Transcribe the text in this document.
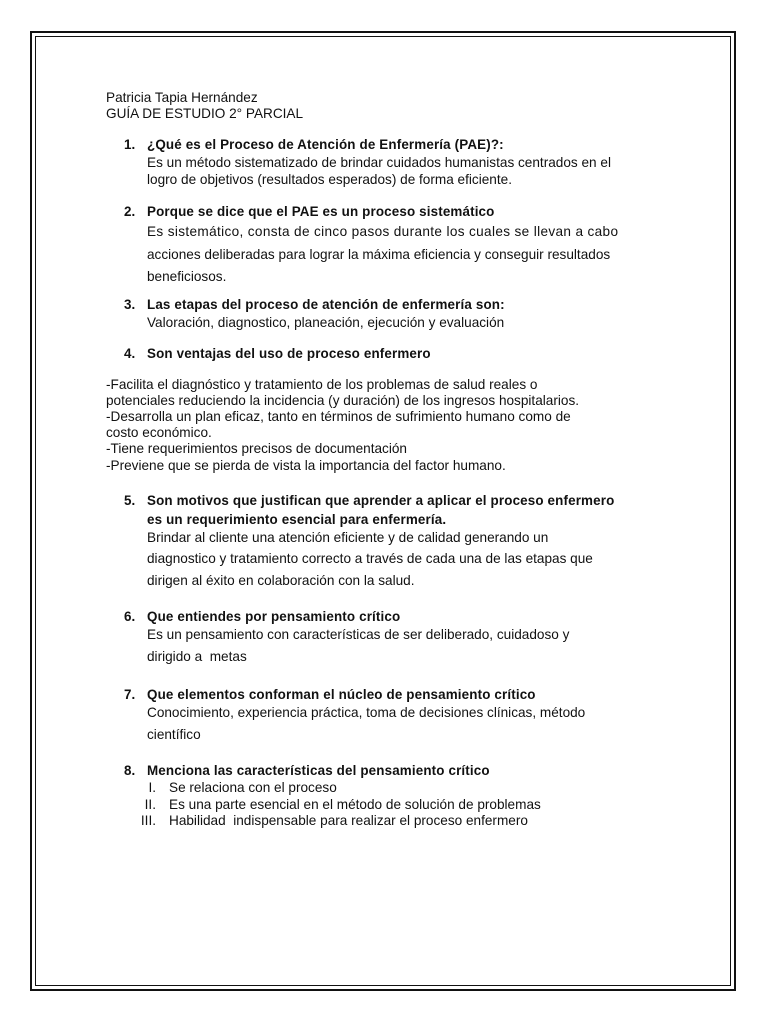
Patricia Tapia Hernández

GUÍA DE ESTUDIO 2° PARCIAL

1. ¿Qué es el Proceso de Atención de Enfermería (PAE)?:

Es un método sistematizado de brindar cuidados humanistas centrados en el

logro de objetivos (resultados esperados) de forma eficiente.

2. Porque se dice que el PAE es un proceso sistemático

Es sistemático, consta de cinco pasos durante los cuales se llevan a cabo

acciones deliberadas para lograr la máxima eficiencia y conseguir resultados

beneficiosos.

3. Las etapas del proceso de atención de enfermería son:

Valoración, diagnostico, planeación, ejecución y evaluación

4. Son ventajas del uso de proceso enfermero

-Facilita el diagnóstico y tratamiento de los problemas de salud reales o

potenciales reduciendo la incidencia (y duración) de los ingresos hospitalarios.

-Desarrolla un plan eficaz, tanto en términos de sufrimiento humano como de

costo económico.

-Tiene requerimientos precisos de documentación

-Previene que se pierda de vista la importancia del factor humano.

5. Son motivos que justifican que aprender a aplicar el proceso enfermero

es un requerimiento esencial para enfermería.

Brindar al cliente una atención eficiente y de calidad generando un

diagnostico y tratamiento correcto a través de cada una de las etapas que

dirigen al éxito en colaboración con la salud.

6. Que entiendes por pensamiento crítico

Es un pensamiento con características de ser deliberado, cuidadoso y

dirigido a  metas

7. Que elementos conforman el núcleo de pensamiento crítico

Conocimiento, experiencia práctica, toma de decisiones clínicas, método

científico

8. Menciona las características del pensamiento crítico

I. Se relaciona con el proceso
II. Es una parte esencial en el método de solución de problemas
III. Habilidad  indispensable para realizar el proceso enfermero
